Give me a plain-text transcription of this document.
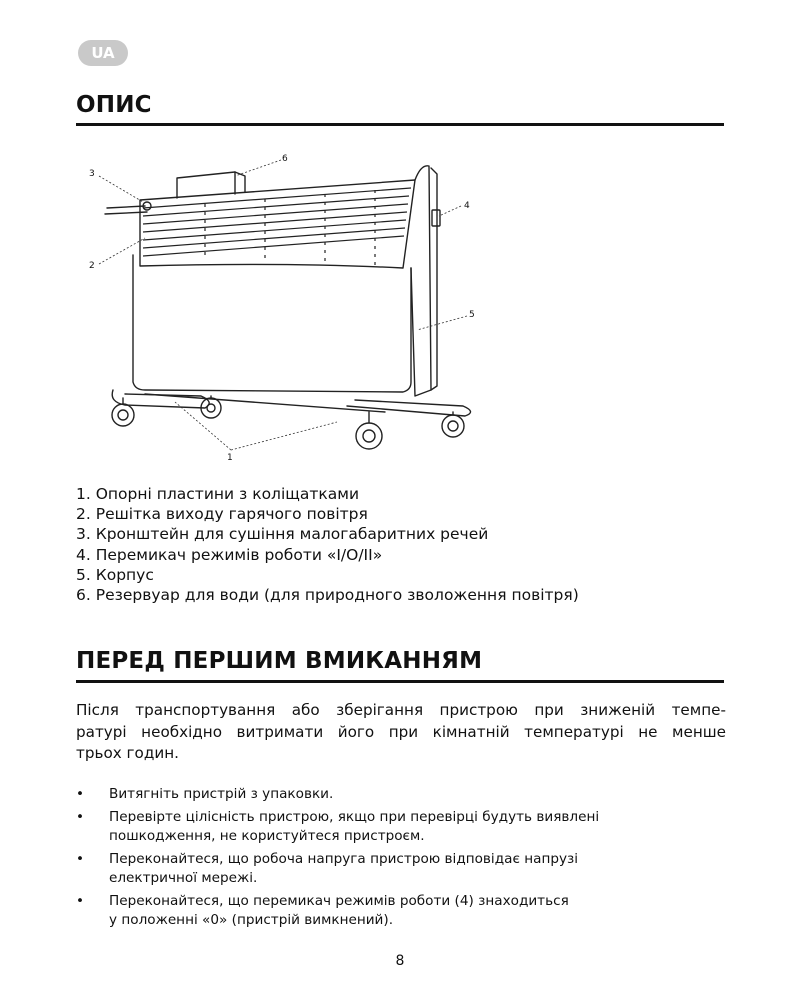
UA
ОПИС
3
2
6
4
5
1
1. Опорні пластини з коліщатками
2. Решітка виходу гарячого повітря
3. Кронштейн для сушіння малогабаритних речей
4. Перемикач режимів роботи «I/O/II»
5. Корпус
6. Резервуар для води (для природного зволоження повітря)
ПЕРЕД ПЕРШИМ ВМИКАННЯМ

Після транспортування або зберігання пристрою при зниженій темпе-
ратурі необхідно витримати його при кімнатній температурі не менше
трьох годин.

• Витягніть пристрій з упаковки.
• Перевірте цілісність пристрою, якщо при перевірці будуть виявлені
пошкодження, не користуйтеся пристроєм.
• Переконайтеся, що робоча напруга пристрою відповідає напрузі
електричної мережі.
• Переконайтеся, що перемикач режимів роботи (4) знаходиться
у положенні «0» (пристрій вимкнений).
8
